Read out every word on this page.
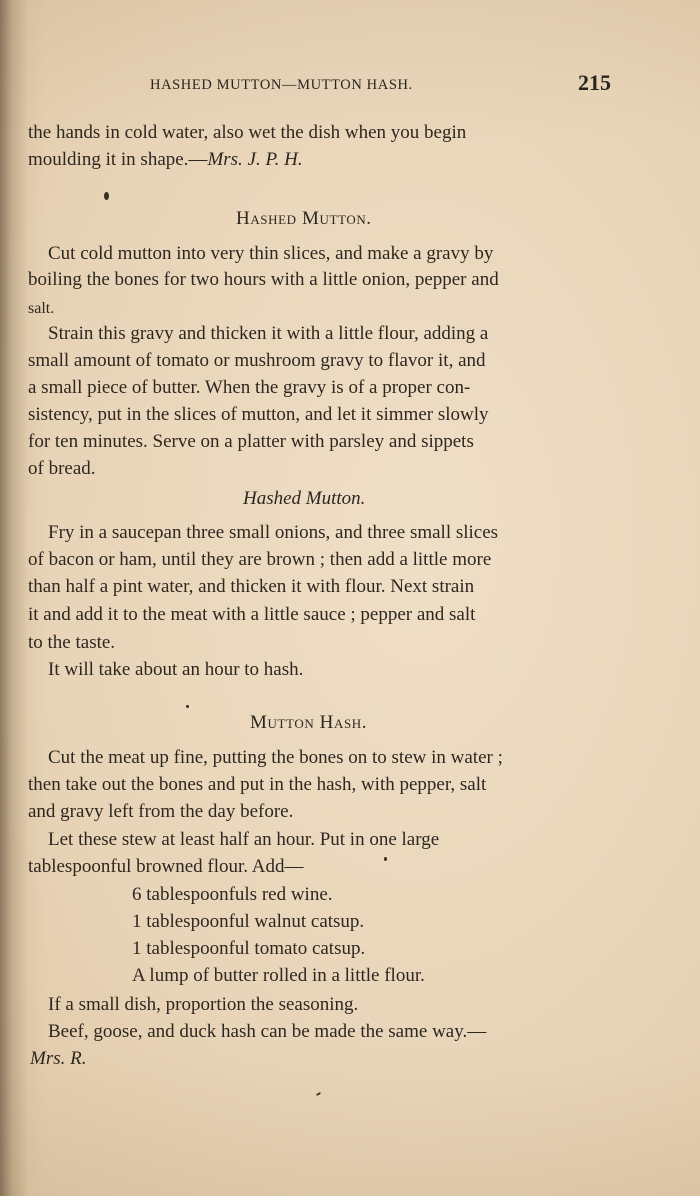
HASHED MUTTON—MUTTON HASH.	215
the hands in cold water, also wet the dish when you begin
moulding it in shape.—Mrs. J. P. H.
Hashed Mutton.
Cut cold mutton into very thin slices, and make a gravy by
boiling the bones for two hours with a little onion, pepper and
salt.
Strain this gravy and thicken it with a little flour, adding a
small amount of tomato or mushroom gravy to flavor it, and
a small piece of butter. When the gravy is of a proper con-
sistency, put in the slices of mutton, and let it simmer slowly
for ten minutes. Serve on a platter with parsley and sippets
of bread.
Hashed Mutton.
Fry in a saucepan three small onions, and three small slices
of bacon or ham, until they are brown ; then add a little more
than half a pint water, and thicken it with flour. Next strain
it and add it to the meat with a little sauce ; pepper and salt
to the taste.
It will take about an hour to hash.
Mutton Hash.
Cut the meat up fine, putting the bones on to stew in water ;
then take out the bones and put in the hash, with pepper, salt
and gravy left from the day before.
Let these stew at least half an hour. Put in one large
tablespoonful browned flour. Add—
6 tablespoonfuls red wine.
1 tablespoonful walnut catsup.
1 tablespoonful tomato catsup.
A lump of butter rolled in a little flour.
If a small dish, proportion the seasoning.
Beef, goose, and duck hash can be made the same way.—
Mrs. R.
